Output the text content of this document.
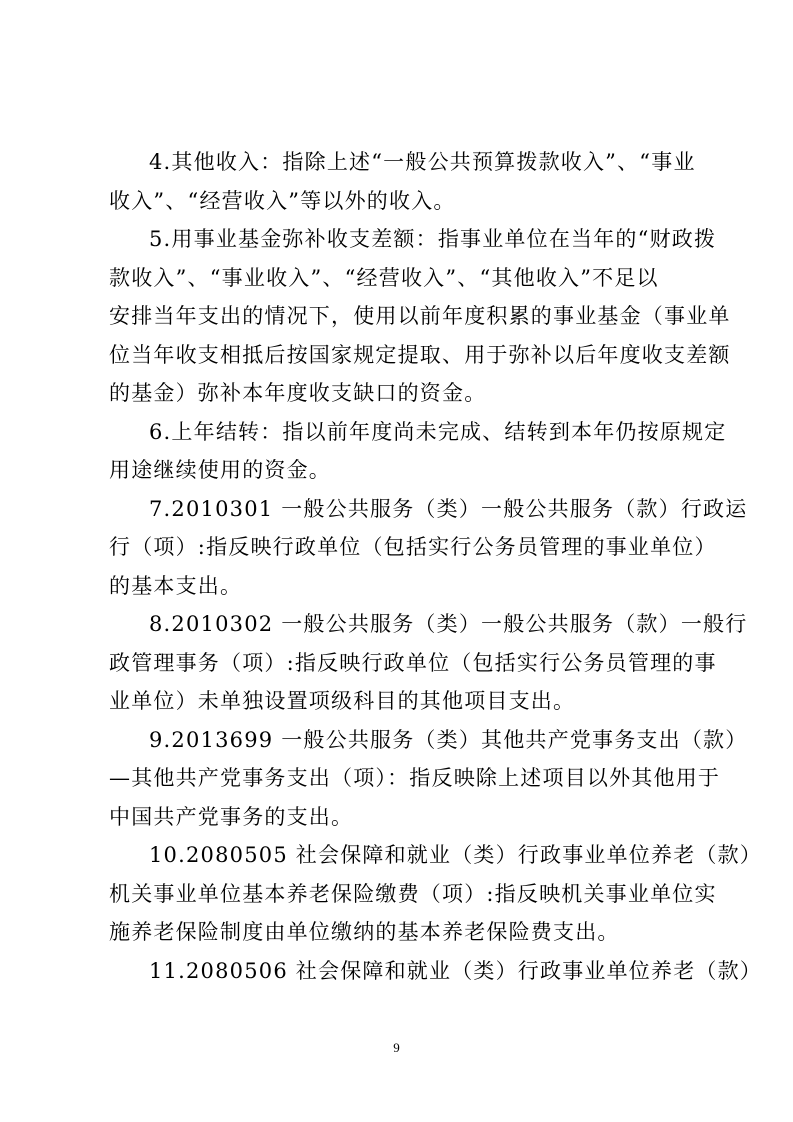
4.其他收入：指除上述“一般公共预算拨款收入”、“事业
收入”、“经营收入”等以外的收入。
5.用事业基金弥补收支差额：指事业单位在当年的“财政拨
款收入”、“事业收入”、“经营收入”、“其他收入”不足以
安排当年支出的情况下，使用以前年度积累的事业基金（事业单
位当年收支相抵后按国家规定提取、用于弥补以后年度收支差额
的基金）弥补本年度收支缺口的资金。
6.上年结转：指以前年度尚未完成、结转到本年仍按原规定
用途继续使用的资金。
7.2010301 一般公共服务（类）一般公共服务（款）行政运
行（项）:指反映行政单位（包括实行公务员管理的事业单位）
的基本支出。
8.2010302 一般公共服务（类）一般公共服务（款）一般行
政管理事务（项）:指反映行政单位（包括实行公务员管理的事
业单位）未单独设置项级科目的其他项目支出。
9.2013699 一般公共服务（类）其他共产党事务支出（款）
—其他共产党事务支出（项）：指反映除上述项目以外其他用于
中国共产党事务的支出。
10.2080505 社会保障和就业（类）行政事业单位养老（款）
机关事业单位基本养老保险缴费（项）:指反映机关事业单位实
施养老保险制度由单位缴纳的基本养老保险费支出。
11.2080506 社会保障和就业（类）行政事业单位养老（款）
9
